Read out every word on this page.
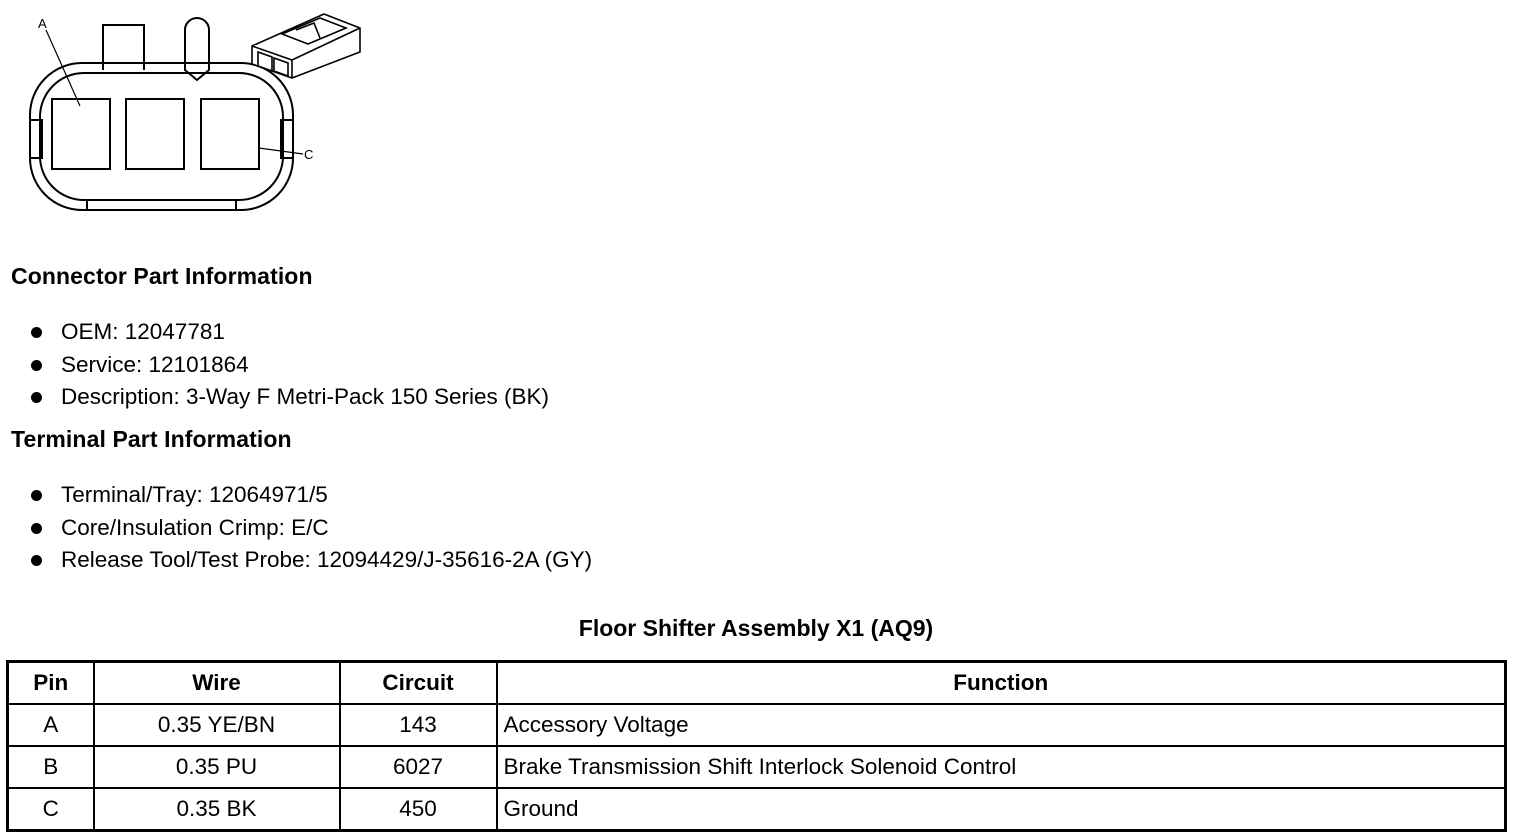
A
C
Connector Part Information
OEM: 12047781
Service: 12101864
Description: 3-Way F Metri-Pack 150 Series (BK)
Terminal Part Information
Terminal/Tray: 12064971/5
Core/Insulation Crimp: E/C
Release Tool/Test Probe: 12094429/J-35616-2A (GY)
Floor Shifter Assembly X1 (AQ9)
Pin	Wire	Circuit	Function
A	0.35 YE/BN	143	Accessory Voltage
B	0.35 PU	6027	Brake Transmission Shift Interlock Solenoid Control
C	0.35 BK	450	Ground
